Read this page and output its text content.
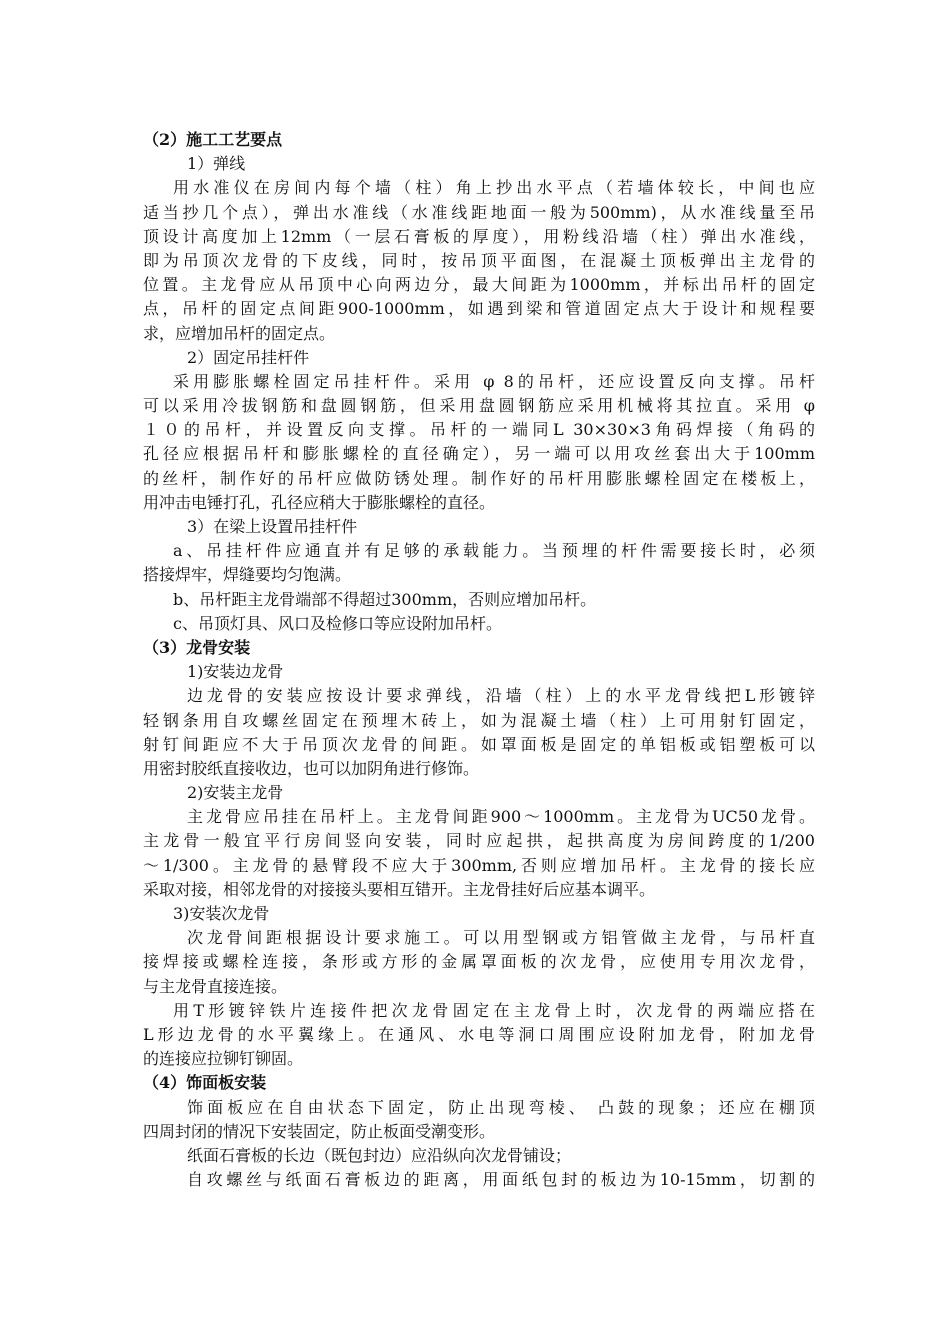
（2）施工工艺要点
1）弹线
用水准仪在房间内每个墙（柱）角上抄出水平点（若墙体较长，中间也应
适当抄几个点），弹出水准线（水准线距地面一般为500mm)，从水准线量至吊
顶设计高度加上12mm（一层石膏板的厚度），用粉线沿墙（柱）弹出水准线，
即为吊顶次龙骨的下皮线，同时，按吊顶平面图，在混凝土顶板弹出主龙骨的
位置。主龙骨应从吊顶中心向两边分，最大间距为1000mm，并标出吊杆的固定
点，吊杆的固定点间距900-1000mm，如遇到梁和管道固定点大于设计和规程要
求，应增加吊杆的固定点。
2）固定吊挂杆件
采用膨胀螺栓固定吊挂杆件。采用 φ 8的吊杆，还应设置反向支撑。吊杆
可以采用冷拔钢筋和盘圆钢筋，但采用盘圆钢筋应采用机械将其拉直。采用 φ
１０的吊杆，并设置反向支撑。吊杆的一端同L 30×30×3角码焊接（角码的
孔径应根据吊杆和膨胀螺栓的直径确定），另一端可以用攻丝套出大于100mm
的丝杆，制作好的吊杆应做防锈处理。制作好的吊杆用膨胀螺栓固定在楼板上，
用冲击电锤打孔，孔径应稍大于膨胀螺栓的直径。
3）在梁上设置吊挂杆件
a、吊挂杆件应通直并有足够的承载能力。当预埋的杆件需要接长时，必须
搭接焊牢，焊缝要均匀饱满。
b、吊杆距主龙骨端部不得超过300mm，否则应增加吊杆。
c、吊顶灯具、风口及检修口等应设附加吊杆。
（3）龙骨安装
1)安装边龙骨
边龙骨的安装应按设计要求弹线，沿墙（柱）上的水平龙骨线把L形镀锌
轻钢条用自攻螺丝固定在预埋木砖上，如为混凝土墙（柱）上可用射钉固定，
射钉间距应不大于吊顶次龙骨的间距。如罩面板是固定的单铝板或铝塑板可以
用密封胶纸直接收边，也可以加阴角进行修饰。
2)安装主龙骨
主龙骨应吊挂在吊杆上。主龙骨间距900～1000mm。主龙骨为UC50龙骨。
主龙骨一般宜平行房间竖向安装，同时应起拱，起拱高度为房间跨度的1/200
～1/300。主龙骨的悬臂段不应大于300mm,否则应增加吊杆。主龙骨的接长应
采取对接，相邻龙骨的对接接头要相互错开。主龙骨挂好后应基本调平。
3)安装次龙骨
次龙骨间距根据设计要求施工。可以用型钢或方铝管做主龙骨，与吊杆直
接焊接或螺栓连接，条形或方形的金属罩面板的次龙骨，应使用专用次龙骨，
与主龙骨直接连接。
用T形镀锌铁片连接件把次龙骨固定在主龙骨上时，次龙骨的两端应搭在
L形边龙骨的水平翼缘上。在通风、水电等洞口周围应设附加龙骨，附加龙骨
的连接应拉铆钉铆固。
（4）饰面板安装
饰面板应在自由状态下固定，防止出现弯棱、 凸鼓的现象；还应在棚顶
四周封闭的情况下安装固定，防止板面受潮变形。
纸面石膏板的长边（既包封边）应沿纵向次龙骨铺设；
自攻螺丝与纸面石膏板边的距离，用面纸包封的板边为10-15mm，切割的
